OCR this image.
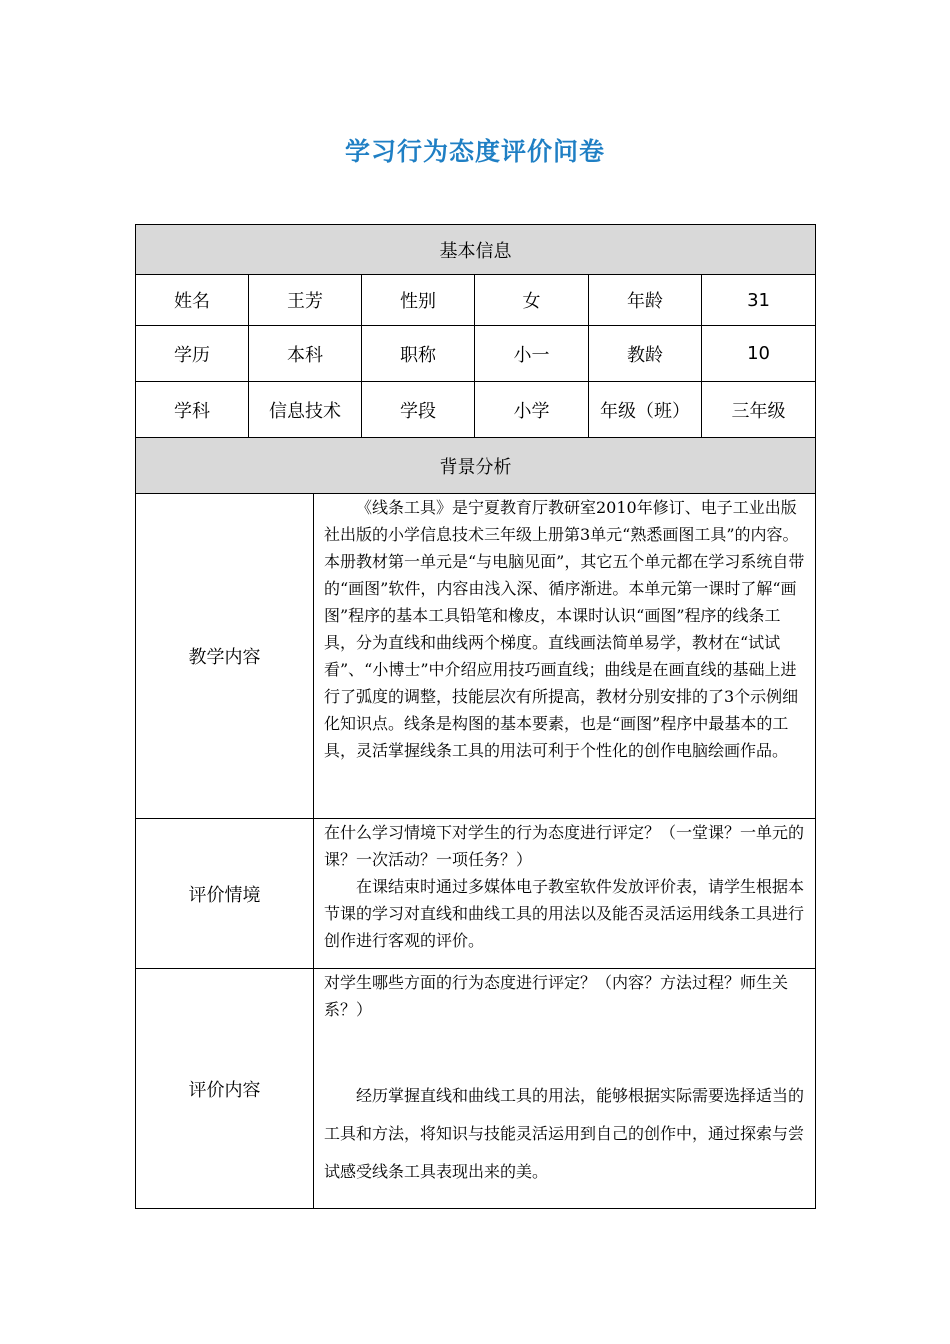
学习行为态度评价问卷
基本信息						
姓名	王芳		性别	女	年龄	31
学历	本科		职称	小一	教龄	10
学科	信息技术		学段	小学	年级（班）	三年级
背景分析						
教学内容		《线条工具》是宁夏教育厅教研室2010年修订、电子工业出版社出版的小学信息技术三年级上册第3单元“熟悉画图工具”的内容。本册教材第一单元是“与电脑见面”，其它五个单元都在学习系统自带的“画图”软件，内容由浅入深、循序渐进。本单元第一课时了解“画图”程序的基本工具铅笔和橡皮，本课时认识“画图”程序的线条工具，分为直线和曲线两个梯度。直线画法简单易学，教材在“试试看”、“小博士”中介绍应用技巧画直线；曲线是在画直线的基础上进行了弧度的调整，技能层次有所提高，教材分别安排的了3个示例细化知识点。线条是构图的基本要素，也是“画图”程序中最基本的工具，灵活掌握线条工具的用法可利于个性化的创作电脑绘画作品。				

评价情境		在什么学习情境下对学生的行为态度进行评定？（一堂课？一单元的课？一次活动？一项任务？）

在课结束时通过多媒体电子教室软件发放评价表，请学生根据本节课的学习对直线和曲线工具的用法以及能否灵活运用线条工具进行创作进行客观的评价。				

评价内容		对学生哪些方面的行为态度进行评定？（内容？方法过程？师生关系？）

经历掌握直线和曲线工具的用法，能够根据实际需要选择适当的工具和方法，将知识与技能灵活运用到自己的创作中，通过探索与尝试感受线条工具表现出来的美。				
